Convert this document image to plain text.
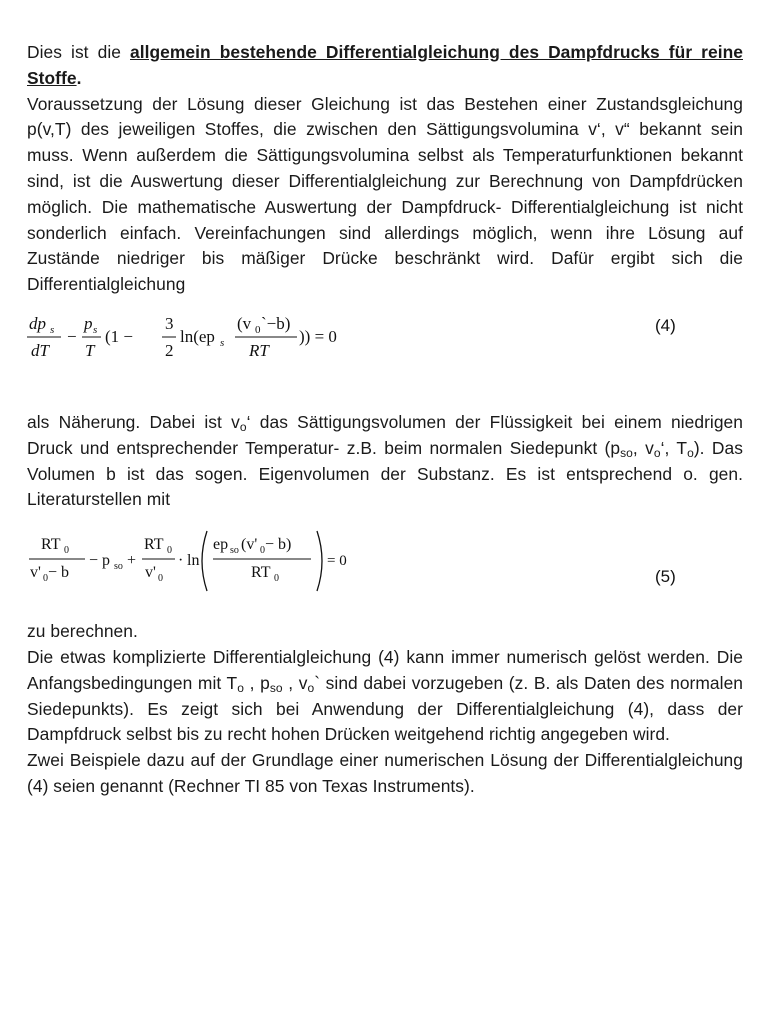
Dies ist die allgemein bestehende Differentialgleichung des Dampfdrucks für reine Stoffe.

Voraussetzung der Lösung dieser Gleichung ist das Bestehen einer Zustandsgleichung p(v,T) des jeweiligen Stoffes, die zwischen den Sättigungsvolumina v‘, v“ bekannt sein muss. Wenn außerdem die Sättigungsvolumina selbst als Temperaturfunktionen bekannt sind, ist die Auswertung dieser Differentialgleichung zur Berechnung von Dampfdrücken möglich. Die mathematische Auswertung der Dampfdruck- Differentialgleichung ist nicht sonderlich einfach. Vereinfachungen sind allerdings möglich, wenn ihre Lösung auf Zustände niedriger bis mäßiger Drücke beschränkt wird. Dafür ergibt sich die Differentialgleichung

dp s
dT
−
p s
T
(1 −
3
2
ln(ep s
(v 0 `−b)
RT
)) = 0
(4)

als Näherung. Dabei ist $v_o‘$ das Sättigungsvolumen der Flüssigkeit bei einem niedrigen Druck und entsprechender Temperatur- z.B. beim normalen Siedepunkt ($p_{so}$, $v_o‘$, $T_o$). Das Volumen b ist das sogen. Eigenvolumen der Substanz. Es ist entsprechend o. gen. Literaturstellen mit

RT 0
v' 0 − b
− p so +
RT 0
v' 0
· ln
ep so (v' 0 − b)
RT 0
= 0
(5)

zu berechnen.

Die etwas komplizierte Differentialgleichung (4) kann immer numerisch gelöst werden. Die Anfangsbedingungen mit $T_o$ , $p_{so}$ , $v_o`$ sind dabei vorzugeben (z. B. als Daten des normalen Siedepunkts). Es zeigt sich bei Anwendung der Differentialgleichung (4), dass der Dampfdruck selbst bis zu recht hohen Drücken weitgehend richtig angegeben wird.

Zwei Beispiele dazu auf der Grundlage einer numerischen Lösung der Differentialgleichung (4) seien genannt (Rechner TI 85 von Texas Instruments).
